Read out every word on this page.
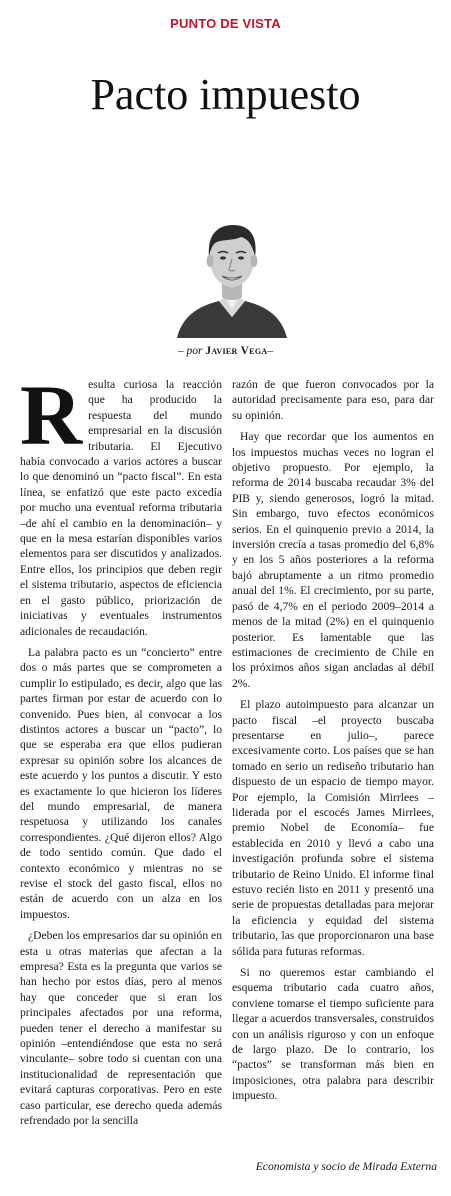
PUNTO DE VISTA
Pacto impuesto
– por Javier Vega–

Resulta curiosa la reacción que ha producido la respuesta del mundo empresarial en la discusión tributaria. El Ejecutivo había convocado a varios actores a buscar lo que denominó un “pacto fiscal”. En esta línea, se enfatizó que este pacto excedía por mucho una eventual reforma tributaria –de ahí el cambio en la denominación– y que en la mesa estarían disponibles varios elementos para ser discutidos y analizados. Entre ellos, los principios que deben regir el sistema tributario, aspectos de eficiencia en el gasto público, priorización de iniciativas y eventuales instrumentos adicionales de recaudación.

La palabra pacto es un “concierto” entre dos o más partes que se comprometen a cumplir lo estipulado, es decir, algo que las partes firman por estar de acuerdo con lo convenido. Pues bien, al convocar a los distintos actores a buscar un “pacto”, lo que se esperaba era que ellos pudieran expresar su opinión sobre los alcances de este acuerdo y los puntos a discutir. Y esto es exactamente lo que hicieron los líderes del mundo empresarial, de manera respetuosa y utilizando los canales correspondientes. ¿Qué dijeron ellos? Algo de todo sentido común. Que dado el contexto económico y mientras no se revise el stock del gasto fiscal, ellos no están de acuerdo con un alza en los impuestos.

¿Deben los empresarios dar su opinión en esta u otras materias que afectan a la empresa? Esta es la pregunta que varios se han hecho por estos días, pero al menos hay que conceder que si eran los principales afectados por una reforma, pueden tener el derecho a manifestar su opinión –entendiéndose que esta no será vinculante– sobre todo si cuentan con una institucionalidad de representación que evitará capturas corporativas. Pero en este caso particular, ese derecho queda además refrendado por la sencilla

razón de que fueron convocados por la autoridad precisamente para eso, para dar su opinión.

Hay que recordar que los aumentos en los impuestos muchas veces no logran el objetivo propuesto. Por ejemplo, la reforma de 2014 buscaba recaudar 3% del PIB y, siendo generosos, logró la mitad. Sin embargo, tuvo efectos económicos serios. En el quinquenio previo a 2014, la inversión crecía a tasas promedio del 6,8% y en los 5 años posteriores a la reforma bajó abruptamente a un ritmo promedio anual del 1%. El crecimiento, por su parte, pasó de 4,7% en el periodo 2009–2014 a menos de la mitad (2%) en el quinquenio posterior. Es lamentable que las estimaciones de crecimiento de Chile en los próximos años sigan ancladas al débil 2%.

El plazo autoimpuesto para alcanzar un pacto fiscal –el proyecto buscaba presentarse en julio–, parece excesivamente corto. Los países que se han tomado en serio un rediseño tributario han dispuesto de un espacio de tiempo mayor. Por ejemplo, la Comisión Mirrlees –liderada por el escocés James Mirrlees, premio Nobel de Economía– fue establecida en 2010 y llevó a cabo una investigación profunda sobre el sistema tributario de Reino Unido. El informe final estuvo recién listo en 2011 y presentó una serie de propuestas detalladas para mejorar la eficiencia y equidad del sistema tributario, las que proporcionaron una base sólida para futuras reformas.

Si no queremos estar cambiando el esquema tributario cada cuatro años, conviene tomarse el tiempo suficiente para llegar a acuerdos transversales, construidos con un análisis riguroso y con un enfoque de largo plazo. De lo contrario, los “pactos” se transforman más bien en imposiciones, otra palabra para describir impuesto.

Economista y socio de Mirada Externa
